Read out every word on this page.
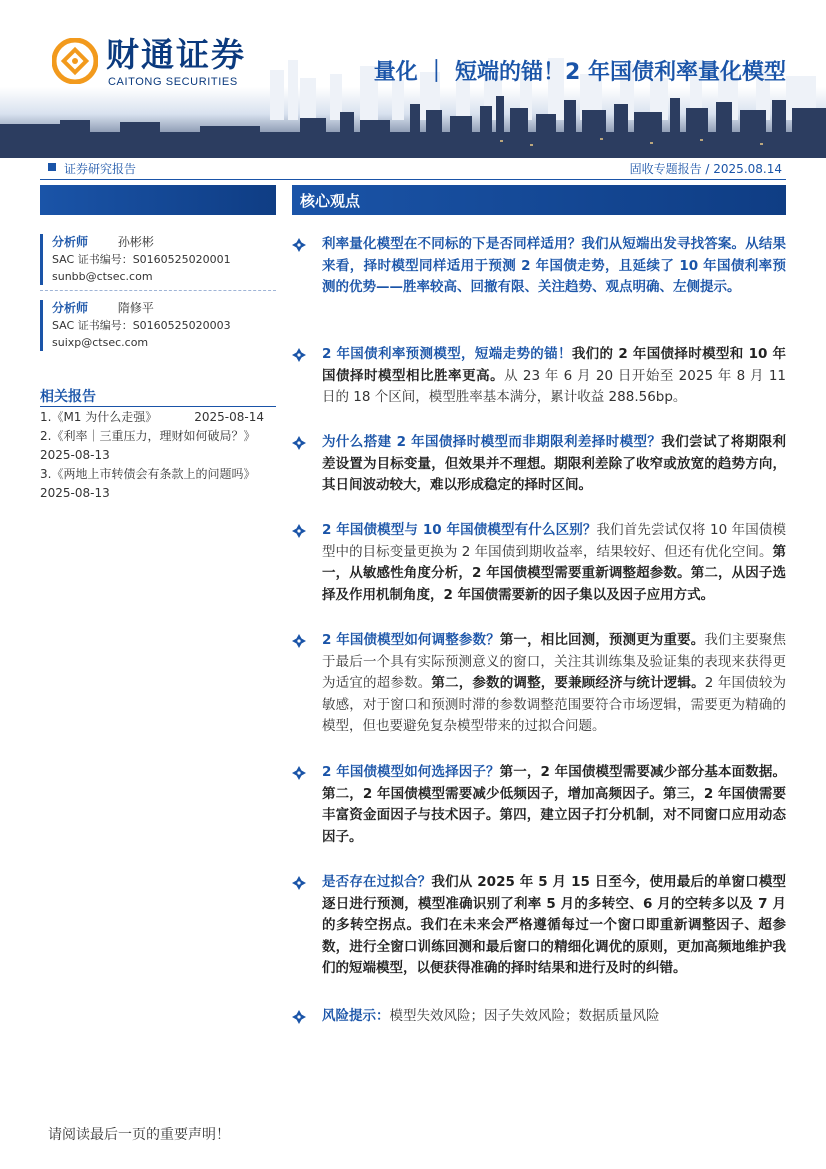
财通证券
CAITONG SECURITIES	量化 ｜ 短端的锚！2 年国债利率量化模型
证券研究报告	固收专题报告 / 2025.08.14
分析师 孙彬彬
SAC 证书编号：S0160525020001
sunbb@ctsec.com
分析师 隋修平
SAC 证书编号：S0160525020003
suixp@ctsec.com
相关报告
1.《M1 为什么走强》	2025-08-14
2.《利率｜三重压力，理财如何破局？》
2025-08-13
3.《两地上市转债会有条款上的问题吗》
2025-08-13
核心观点
利率量化模型在不同标的下是否同样适用？我们从短端出发寻找答案。从结果来看，择时模型同样适用于预测 2 年国债走势，且延续了 10 年国债利率预测的优势——胜率较高、回撤有限、关注趋势、观点明确、左侧提示。
2 年国债利率预测模型，短端走势的锚！我们的 2 年国债择时模型和 10 年国债择时模型相比胜率更高。从 23 年 6 月 20 日开始至 2025 年 8 月 11 日的 18 个区间，模型胜率基本满分，累计收益 288.56bp。
为什么搭建 2 年国债择时模型而非期限利差择时模型？我们尝试了将期限利差设置为目标变量，但效果并不理想。期限利差除了收窄或放宽的趋势方向，其日间波动较大，难以形成稳定的择时区间。
2 年国债模型与 10 年国债模型有什么区别？我们首先尝试仅将 10 年国债模型中的目标变量更换为 2 年国债到期收益率，结果较好、但还有优化空间。第一，从敏感性角度分析，2 年国债模型需要重新调整超参数。第二，从因子选择及作用机制角度，2 年国债需要新的因子集以及因子应用方式。
2 年国债模型如何调整参数？第一，相比回测，预测更为重要。我们主要聚焦于最后一个具有实际预测意义的窗口，关注其训练集及验证集的表现来获得更为适宜的超参数。第二，参数的调整，要兼顾经济与统计逻辑。2 年国债较为敏感，对于窗口和预测时滞的参数调整范围要符合市场逻辑，需要更为精确的模型，但也要避免复杂模型带来的过拟合问题。
2 年国债模型如何选择因子？第一，2 年国债模型需要减少部分基本面数据。第二，2 年国债模型需要减少低频因子，增加高频因子。第三，2 年国债需要丰富资金面因子与技术因子。第四，建立因子打分机制，对不同窗口应用动态因子。
是否存在过拟合？我们从 2025 年 5 月 15 日至今，使用最后的单窗口模型逐日进行预测，模型准确识别了利率 5 月的多转空、6 月的空转多以及 7 月的多转空拐点。我们在未来会严格遵循每过一个窗口即重新调整因子、超参数，进行全窗口训练回测和最后窗口的精细化调优的原则，更加高频地维护我们的短端模型，以便获得准确的择时结果和进行及时的纠错。
风险提示：模型失效风险；因子失效风险；数据质量风险
请阅读最后一页的重要声明！
